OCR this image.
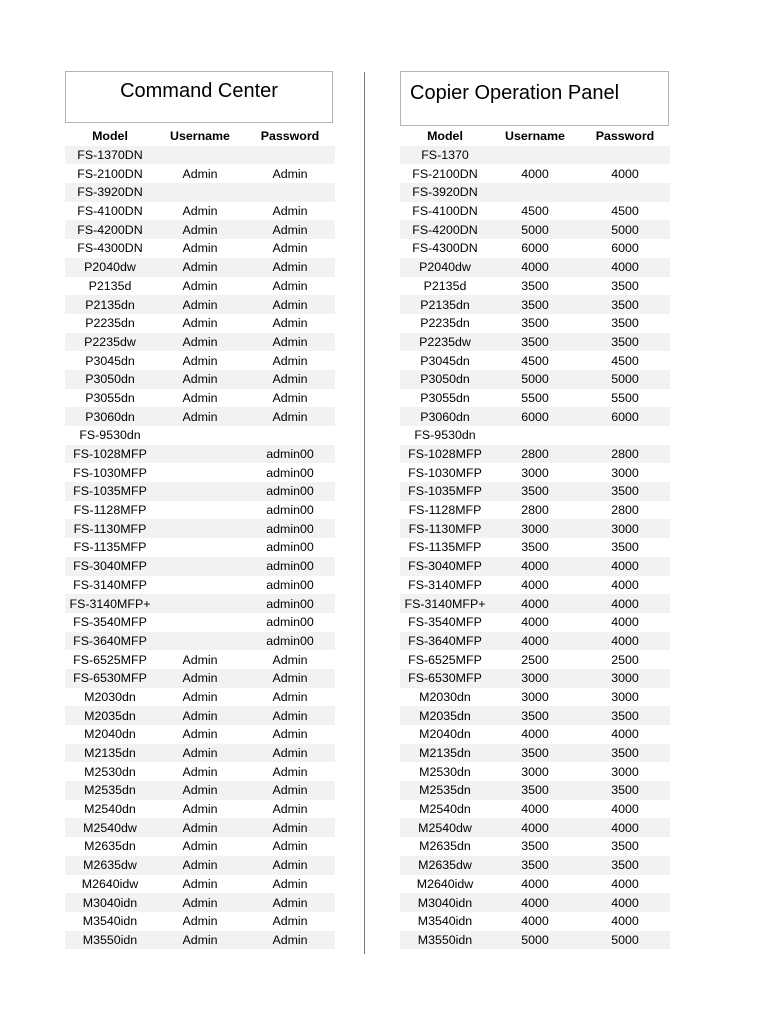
Command Center
Model	Username	Password
FS-1370DN		
FS-2100DN	Admin	Admin
FS-3920DN		
FS-4100DN	Admin	Admin
FS-4200DN	Admin	Admin
FS-4300DN	Admin	Admin
P2040dw	Admin	Admin
P2135d	Admin	Admin
P2135dn	Admin	Admin
P2235dn	Admin	Admin
P2235dw	Admin	Admin
P3045dn	Admin	Admin
P3050dn	Admin	Admin
P3055dn	Admin	Admin
P3060dn	Admin	Admin
FS-9530dn		
FS-1028MFP		admin00
FS-1030MFP		admin00
FS-1035MFP		admin00
FS-1128MFP		admin00
FS-1130MFP		admin00
FS-1135MFP		admin00
FS-3040MFP		admin00
FS-3140MFP		admin00
FS-3140MFP+		admin00
FS-3540MFP		admin00
FS-3640MFP		admin00
FS-6525MFP	Admin	Admin
FS-6530MFP	Admin	Admin
M2030dn	Admin	Admin
M2035dn	Admin	Admin
M2040dn	Admin	Admin
M2135dn	Admin	Admin
M2530dn	Admin	Admin
M2535dn	Admin	Admin
M2540dn	Admin	Admin
M2540dw	Admin	Admin
M2635dn	Admin	Admin
M2635dw	Admin	Admin
M2640idw	Admin	Admin
M3040idn	Admin	Admin
M3540idn	Admin	Admin
M3550idn	Admin	Admin
Copier Operation Panel
Model	Username	Password
FS-1370		
FS-2100DN	4000	4000
FS-3920DN		
FS-4100DN	4500	4500
FS-4200DN	5000	5000
FS-4300DN	6000	6000
P2040dw	4000	4000
P2135d	3500	3500
P2135dn	3500	3500
P2235dn	3500	3500
P2235dw	3500	3500
P3045dn	4500	4500
P3050dn	5000	5000
P3055dn	5500	5500
P3060dn	6000	6000
FS-9530dn		
FS-1028MFP	2800	2800
FS-1030MFP	3000	3000
FS-1035MFP	3500	3500
FS-1128MFP	2800	2800
FS-1130MFP	3000	3000
FS-1135MFP	3500	3500
FS-3040MFP	4000	4000
FS-3140MFP	4000	4000
FS-3140MFP+	4000	4000
FS-3540MFP	4000	4000
FS-3640MFP	4000	4000
FS-6525MFP	2500	2500
FS-6530MFP	3000	3000
M2030dn	3000	3000
M2035dn	3500	3500
M2040dn	4000	4000
M2135dn	3500	3500
M2530dn	3000	3000
M2535dn	3500	3500
M2540dn	4000	4000
M2540dw	4000	4000
M2635dn	3500	3500
M2635dw	3500	3500
M2640idw	4000	4000
M3040idn	4000	4000
M3540idn	4000	4000
M3550idn	5000	5000
